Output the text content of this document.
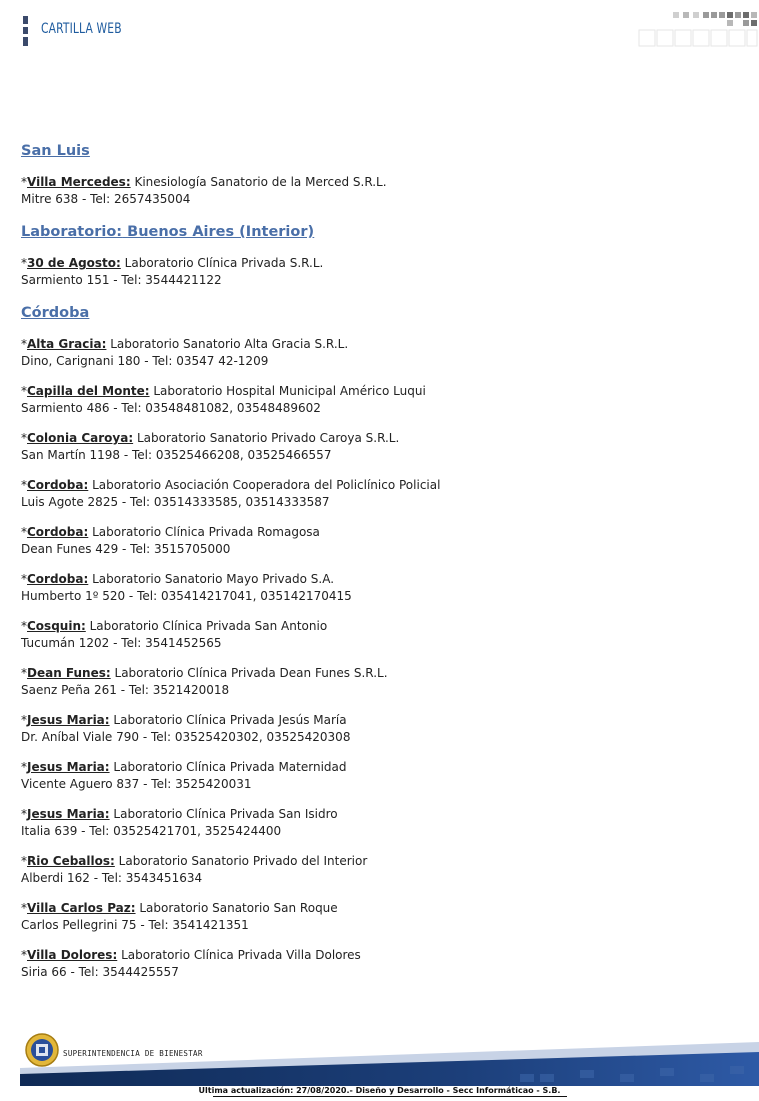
CARTILLA WEB
San Luis
*Villa Mercedes: Kinesiología Sanatorio de la Merced S.R.L.
Mitre 638 - Tel: 2657435004
Laboratorio: Buenos Aires (Interior)
*30 de Agosto: Laboratorio Clínica Privada S.R.L.
Sarmiento 151 - Tel: 3544421122
Córdoba
*Alta Gracia: Laboratorio Sanatorio Alta Gracia S.R.L.
Dino, Carignani 180 - Tel: 03547 42-1209
*Capilla del Monte: Laboratorio Hospital Municipal Américo Luqui
Sarmiento 486 - Tel: 03548481082, 03548489602
*Colonia Caroya: Laboratorio Sanatorio Privado Caroya S.R.L.
San Martín 1198 - Tel: 03525466208, 03525466557
*Cordoba: Laboratorio Asociación Cooperadora del Policlínico Policial
Luis Agote 2825 - Tel: 03514333585, 03514333587
*Cordoba: Laboratorio Clínica Privada Romagosa
Dean Funes 429 - Tel: 3515705000
*Cordoba: Laboratorio Sanatorio Mayo Privado S.A.
Humberto 1º 520 - Tel: 035414217041, 035142170415
*Cosquin: Laboratorio Clínica Privada San Antonio
Tucumán 1202 - Tel: 3541452565
*Dean Funes: Laboratorio Clínica Privada Dean Funes S.R.L.
Saenz Peña 261 - Tel: 3521420018
*Jesus Maria: Laboratorio Clínica Privada Jesús María
Dr. Aníbal Viale 790 - Tel: 03525420302, 03525420308
*Jesus Maria: Laboratorio Clínica Privada Maternidad
Vicente Aguero 837 - Tel: 3525420031
*Jesus Maria: Laboratorio Clínica Privada San Isidro
Italia 639 - Tel: 03525421701, 3525424400
*Rio Ceballos: Laboratorio Sanatorio Privado del Interior
Alberdi 162 - Tel: 3543451634
*Villa Carlos Paz: Laboratorio Sanatorio San Roque
Carlos Pellegrini 75 - Tel: 3541421351
*Villa Dolores: Laboratorio Clínica Privada Villa Dolores
Siria 66 - Tel: 3544425557
SUPERINTENDENCIA DE BIENESTAR
Ultima actualización: 27/08/2020.- Diseño y Desarrollo - Secc Informáticao - S.B.
